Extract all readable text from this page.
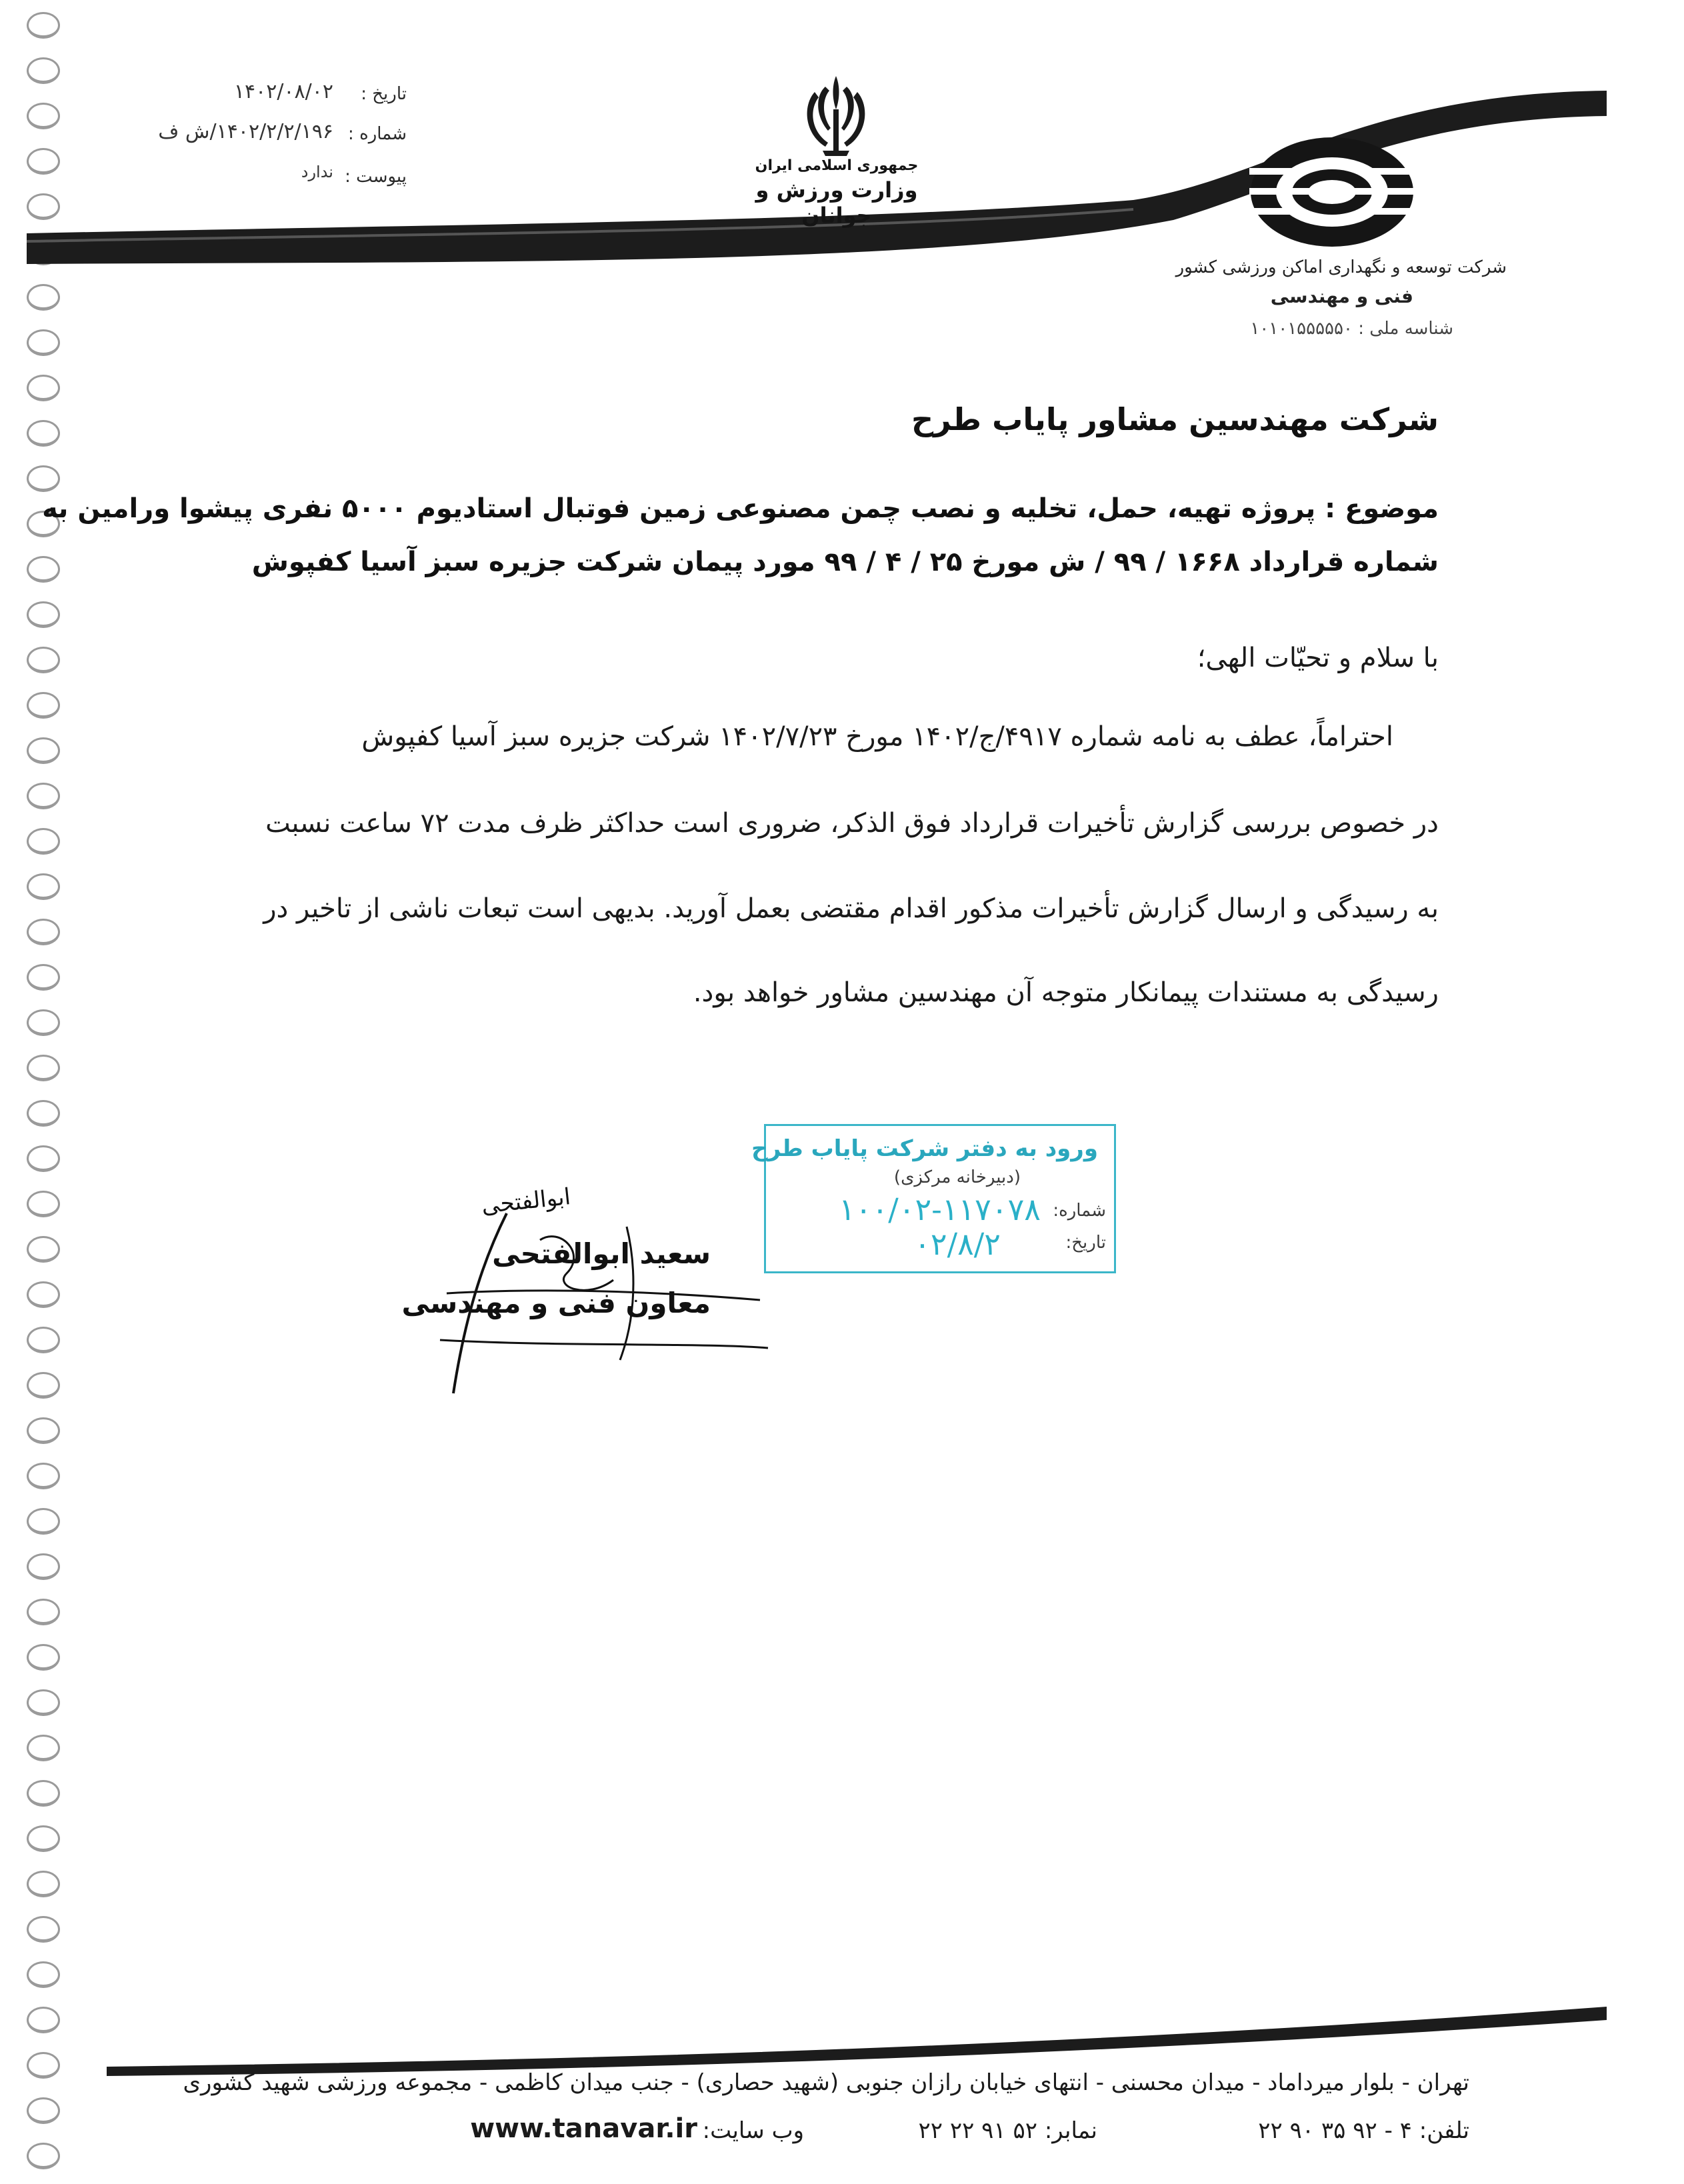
تاریخ :
۱۴۰۲/۰۸/۰۲
شماره :
۱۴۰۲/۲/۲/۱۹۶/ش ف
پیوست :
ندارد	جمهوری اسلامی ایران
وزارت ورزش و جوانان
شرکت توسعه و نگهداری اماکن ورزشی کشور
فنی و مهندسی
شناسه ملی : ۱۰۱۰۱۵۵۵۵۵۰
شرکت مهندسین مشاور پایاب طرح
موضوع : پروژه تهیه، حمل، تخلیه و نصب چمن مصنوعی زمین فوتبال استادیوم ۵۰۰۰ نفری پیشوا ورامین به
شماره قرارداد ۱۶۶۸ / ۹۹ / ش مورخ ۲۵ / ۴ / ۹۹ مورد پیمان شرکت جزیره سبز آسیا کفپوش
با سلام و تحیّات الهی؛
احتراماً، عطف به نامه شماره ۴۹۱۷/ج/۱۴۰۲ مورخ ۱۴۰۲/۷/۲۳ شرکت جزیره سبز آسیا کفپوش
در خصوص بررسی گزارش تأخیرات قرارداد فوق الذکر، ضروری است حداکثر ظرف مدت ۷۲ ساعت نسبت
به رسیدگی و ارسال گزارش تأخیرات مذکور اقدام مقتضی بعمل آورید. بدیهی است تبعات ناشی از تاخیر در
رسیدگی به مستندات پیمانکار متوجه آن مهندسین مشاور خواهد بود.
ورود به دفتر شرکت پایاب طرح
(دبیرخانه مرکزی)
شماره:
۱۰۰/۰۲-۱۱۷۰۷۸
تاریخ:
۰۲/۸/۲
ابوالفتحی
سعید ابوالفتحی
معاون فنی و مهندسی
تهران - بلوار میرداماد - میدان محسنی - انتهای خیابان رازان جنوبی (شهید حصاری) - جنب میدان کاظمی - مجموعه ورزشی شهید کشوری
تلفن: ۴ - ۹۲ ۳۵ ۹۰ ۲۲
نمابر: ۵۲ ۹۱ ۲۲ ۲۲
وب سایت:
www.tanavar.ir
